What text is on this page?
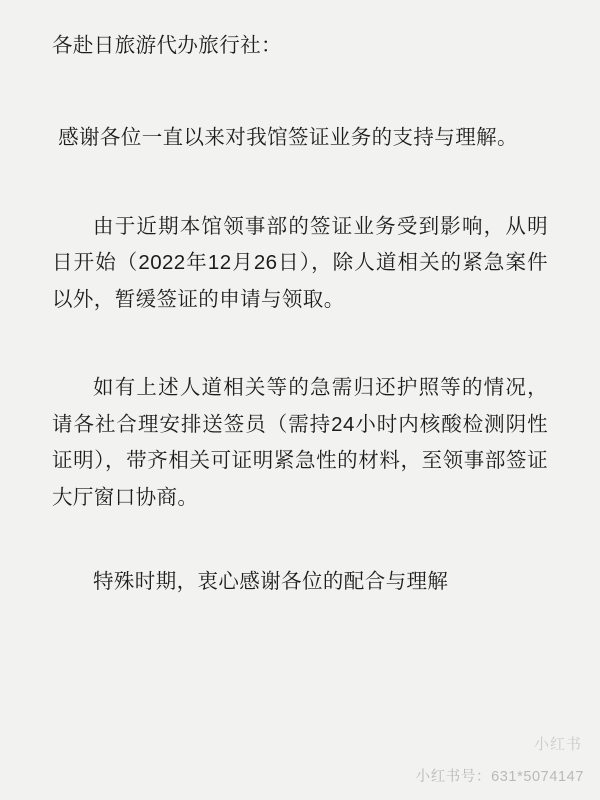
各赴日旅游代办旅行社：

感谢各位一直以来对我馆签证业务的支持与理解。

由于近期本馆领事部的签证业务受到影响，从明日开始（2022年12月26日），除人道相关的紧急案件以外，暂缓签证的申请与领取。

如有上述人道相关等的急需归还护照等的情况，请各社合理安排送签员（需持24小时内核酸检测阴性证明），带齐相关可证明紧急性的材料，至领事部签证大厅窗口协商。

特殊时期，衷心感谢各位的配合与理解

小红书
小红书号：631*5074147
